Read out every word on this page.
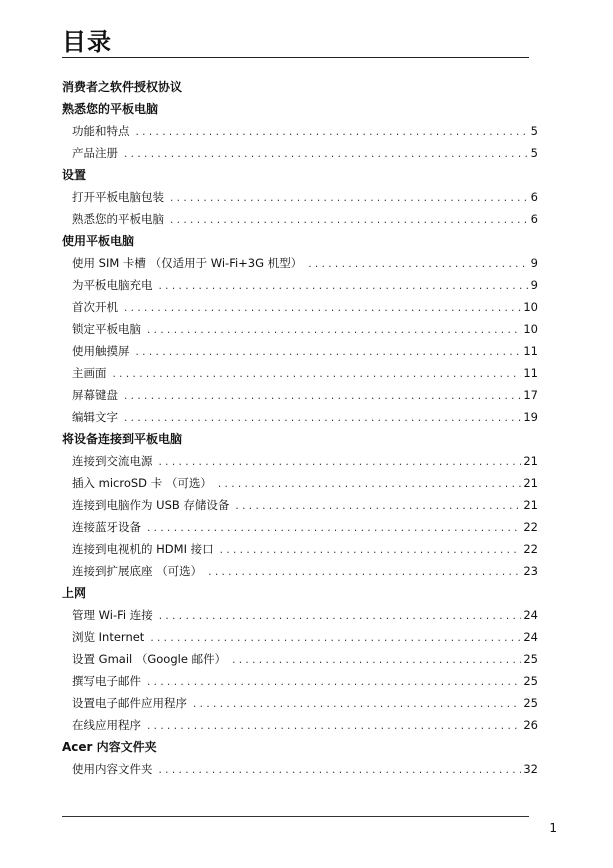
目录
消费者之软件授权协议
熟悉您的平板电脑
功能和特点 . . .	5
产品注册 . . .	5
设置
打开平板电脑包装 . . .	6
熟悉您的平板电脑 . . .	6
使用平板电脑
使用 SIM 卡槽 （仅适用于 Wi-Fi+3G 机型） . . .	9
为平板电脑充电 . . .	9
首次开机 . . .	10
锁定平板电脑 . . .	10
使用触摸屏 . . .	11
主画面 . . .	11
屏幕键盘 . . .	17
编辑文字 . . .	19
将设备连接到平板电脑
连接到交流电源 . . .	21
插入 microSD 卡 （可选） . . .	21
连接到电脑作为 USB 存储设备 . . .	21
连接蓝牙设备 . . .	22
连接到电视机的 HDMI 接口 . . .	22
连接到扩展底座 （可选） . . .	23
上网
管理 Wi-Fi 连接 . . .	24
浏览 Internet . . .	24
设置 Gmail （Google 邮件） . . .	25
撰写电子邮件 . . .	25
设置电子邮件应用程序 . . .	25
在线应用程序 . . .	26
Acer 内容文件夹
使用内容文件夹 . . .	32
1
